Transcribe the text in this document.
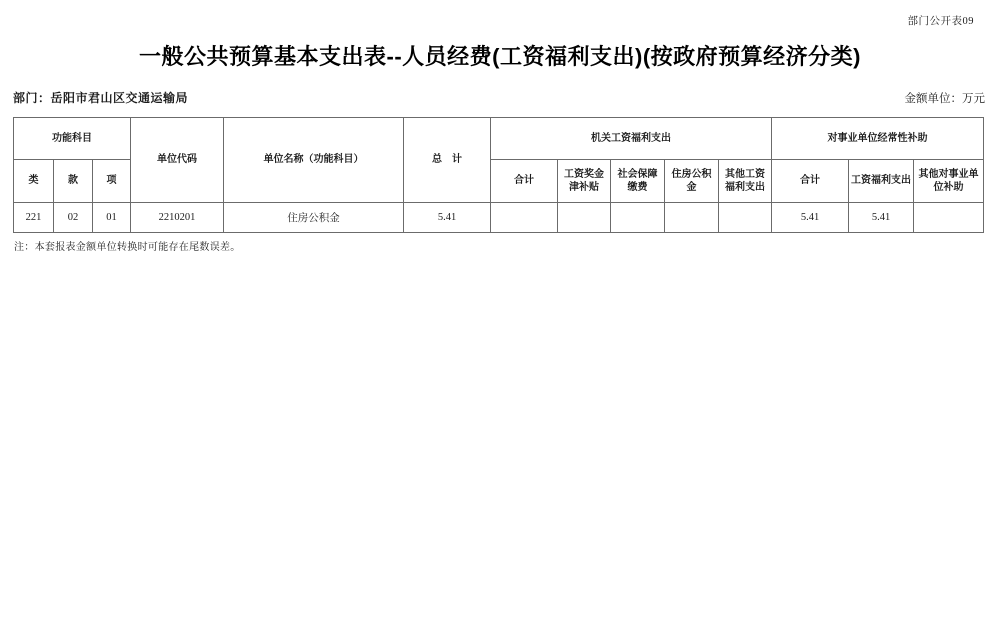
部门公开表09
一般公共预算基本支出表--人员经费(工资福利支出)(按政府预算经济分类)
部门：岳阳市君山区交通运输局	金额单位：万元
功能科目			单位代码	单位名称（功能科目）	总　计	机关工资福利支出					对事业单位经常性补助		
类	款	项				合计	工资奖金津补贴	社会保障缴费	住房公积金	其他工资福利支出	合计	工资福利支出	其他对事业单位补助
221	02	01	2210201	住房公积金	5.41						5.41	5.41	
注：本套报表金额单位转换时可能存在尾数误差。
